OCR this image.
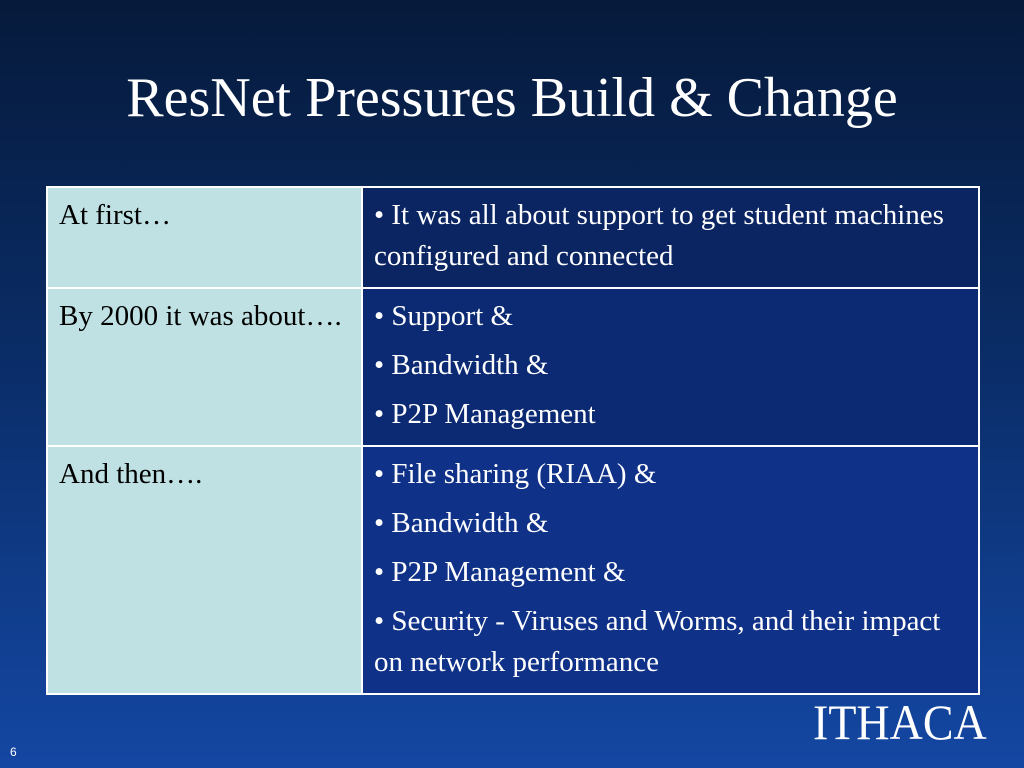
ResNet Pressures Build & Change
At first…	• It was all about support to get student machines configured and connected

By 2000 it was about….	• Support &
• Bandwidth &
• P2P Management

And then….	• File sharing (RIAA) &
• Bandwidth &
• P2P Management &
• Security - Viruses and Worms, and their impact on network performance
ITHACA
6
